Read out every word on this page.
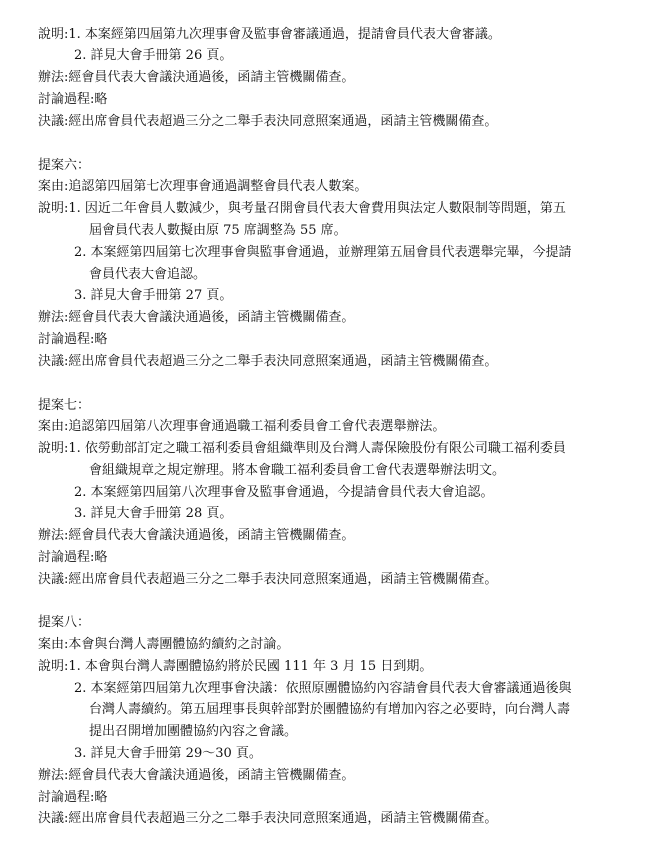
說明:1. 本案經第四屆第九次理事會及監事會審議通過，提請會員代表大會審議。
2. 詳見大會手冊第 26 頁。
辦法:經會員代表大會議決通過後，函請主管機關備查。
討論過程:略
決議:經出席會員代表超過三分之二舉手表決同意照案通過，函請主管機關備查。
提案六：
案由:追認第四屆第七次理事會通過調整會員代表人數案。
說明:1. 因近二年會員人數減少，與考量召開會員代表大會費用與法定人數限制等問題，第五
屆會員代表人數擬由原 75 席調整為 55 席。
2. 本案經第四屆第七次理事會與監事會通過，並辦理第五屆會員代表選舉完畢，今提請
會員代表大會追認。
3. 詳見大會手冊第 27 頁。
辦法:經會員代表大會議決通過後，函請主管機關備查。
討論過程:略
決議:經出席會員代表超過三分之二舉手表決同意照案通過，函請主管機關備查。
提案七：
案由:追認第四屆第八次理事會通過職工福利委員會工會代表選舉辦法。
說明:1. 依勞動部訂定之職工福利委員會組織準則及台灣人壽保險股份有限公司職工福利委員
會組織規章之規定辦理。將本會職工福利委員會工會代表選舉辦法明文。
2. 本案經第四屆第八次理事會及監事會通過，今提請會員代表大會追認。
3. 詳見大會手冊第 28 頁。
辦法:經會員代表大會議決通過後，函請主管機關備查。
討論過程:略
決議:經出席會員代表超過三分之二舉手表決同意照案通過，函請主管機關備查。
提案八：
案由:本會與台灣人壽團體協約續約之討論。
說明:1. 本會與台灣人壽團體協約將於民國 111 年 3 月 15 日到期。
2. 本案經第四屆第九次理事會決議：依照原團體協約內容請會員代表大會審議通過後與
台灣人壽續約。第五屆理事長與幹部對於團體協約有增加內容之必要時，向台灣人壽
提出召開增加團體協約內容之會議。
3. 詳見大會手冊第 29～30 頁。
辦法:經會員代表大會議決通過後，函請主管機關備查。
討論過程:略
決議:經出席會員代表超過三分之二舉手表決同意照案通過，函請主管機關備查。
